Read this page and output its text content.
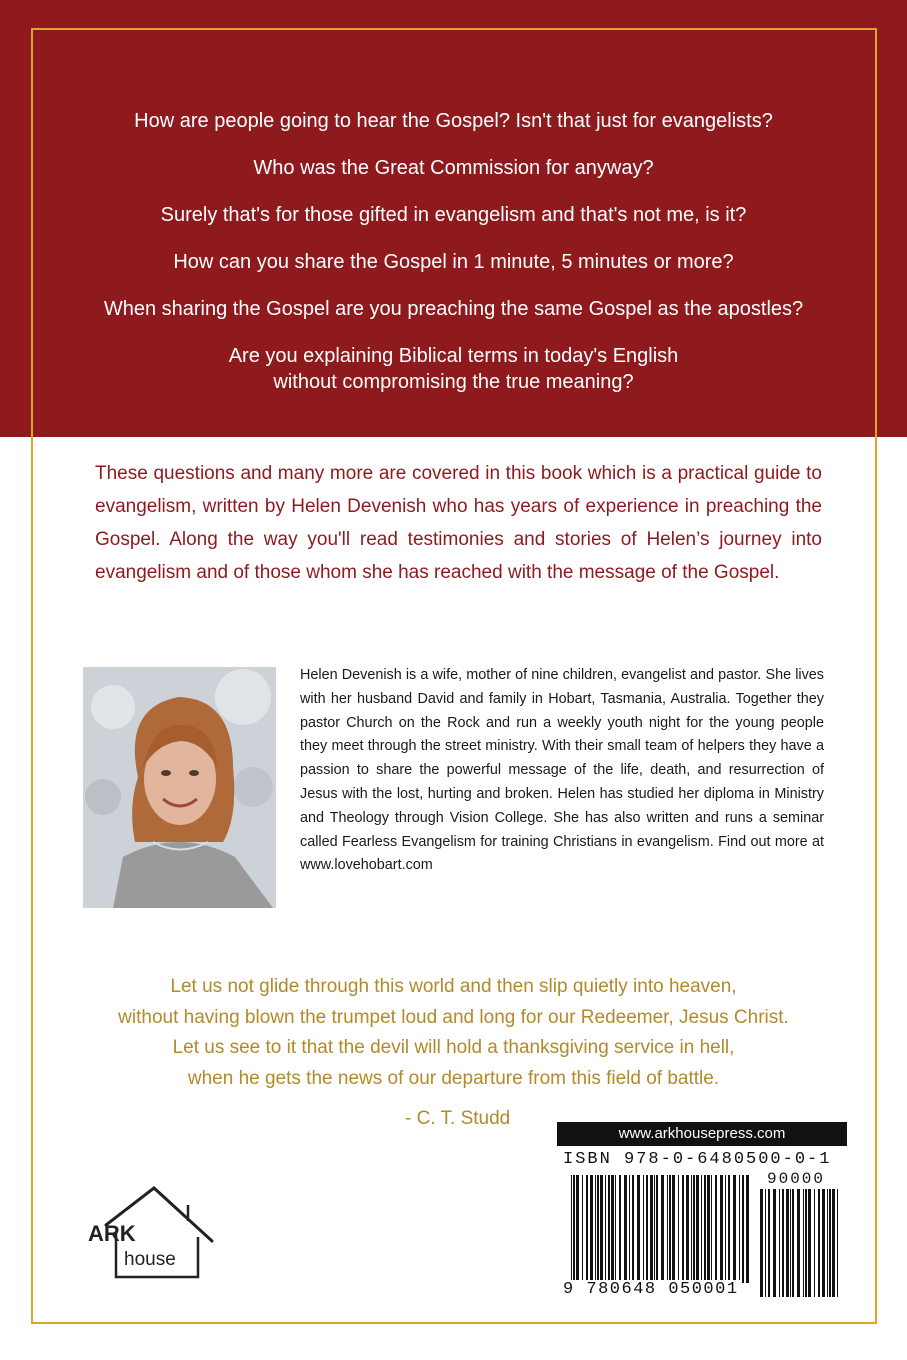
How are people going to hear the Gospel? Isn't that just for evangelists?

Who was the Great Commission for anyway?

Surely that's for those gifted in evangelism and that's not me, is it?

How can you share the Gospel in 1 minute, 5 minutes or more?

When sharing the Gospel are you preaching the same Gospel as the apostles?

Are you explaining Biblical terms in today's English
without compromising the true meaning?

These questions and many more are covered in this book which is a practical guide to evangelism, written by Helen Devenish who has years of experience in preaching the Gospel. Along the way you'll read testimonies and stories of Helen’s journey into evangelism and of those whom she has reached with the message of the Gospel.

Helen Devenish is a wife, mother of nine children, evangelist and pastor. She lives with her husband David and family in Hobart, Tasmania, Australia. Together they pastor Church on the Rock and run a weekly youth night for the young people they meet through the street ministry. With their small team of helpers they have a passion to share the powerful message of the life, death, and resurrection of Jesus with the lost, hurting and broken. Helen has studied her diploma in Ministry and Theology through Vision College. She has also written and runs a seminar called Fearless Evangelism for training Christians in evangelism. Find out more at www.lovehobart.com

Let us not glide through this world and then slip quietly into heaven,

without having blown the trumpet loud and long for our Redeemer, Jesus Christ.

Let us see to it that the devil will hold a thanksgiving service in hell,

when he gets the news of our departure from this field of battle.

- C. T. Studd
ARK
house
www.arkhousepress.com
ISBN 978-0-6480500-0-1
90000
9 780648 050001
